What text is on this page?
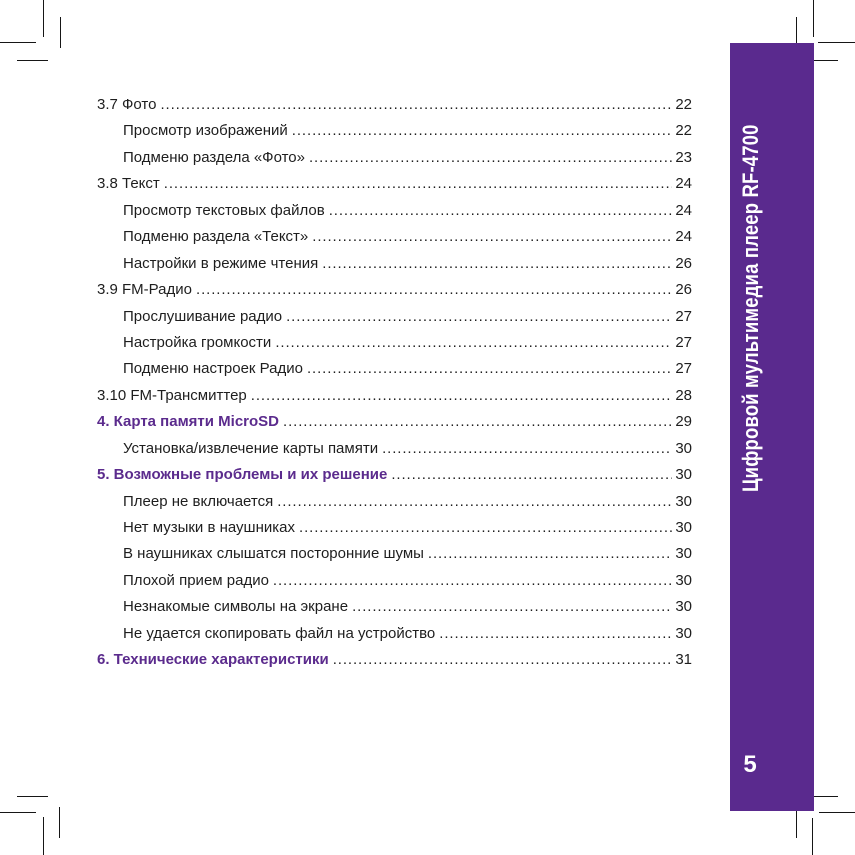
3.7 Фото .....	22
Просмотр изображений .....	22
Подменю раздела «Фото» .....	23
3.8 Текст .....	24
Просмотр текстовых файлов .....	24
Подменю раздела «Текст» .....	24
Настройки в режиме чтения .....	26
3.9 FM-Радио .....	26
Прослушивание радио .....	27
Настройка громкости .....	27
Подменю настроек Радио .....	27
3.10 FM-Трансмиттер .....	28
4. Карта памяти MicroSD .....	29
Установка/извлечение карты памяти .....	30
5. Возможные проблемы и их решение .....	30
Плеер не включается .....	30
Нет музыки в наушниках .....	30
В наушниках слышатся посторонние шумы .....	30
Плохой прием радио .....	30
Незнакомые символы на экране .....	30
Не удается скопировать файл на устройство .....	30
6. Технические характеристики .....	31
Цифровой мультимедиа плеер RF-4700
5
